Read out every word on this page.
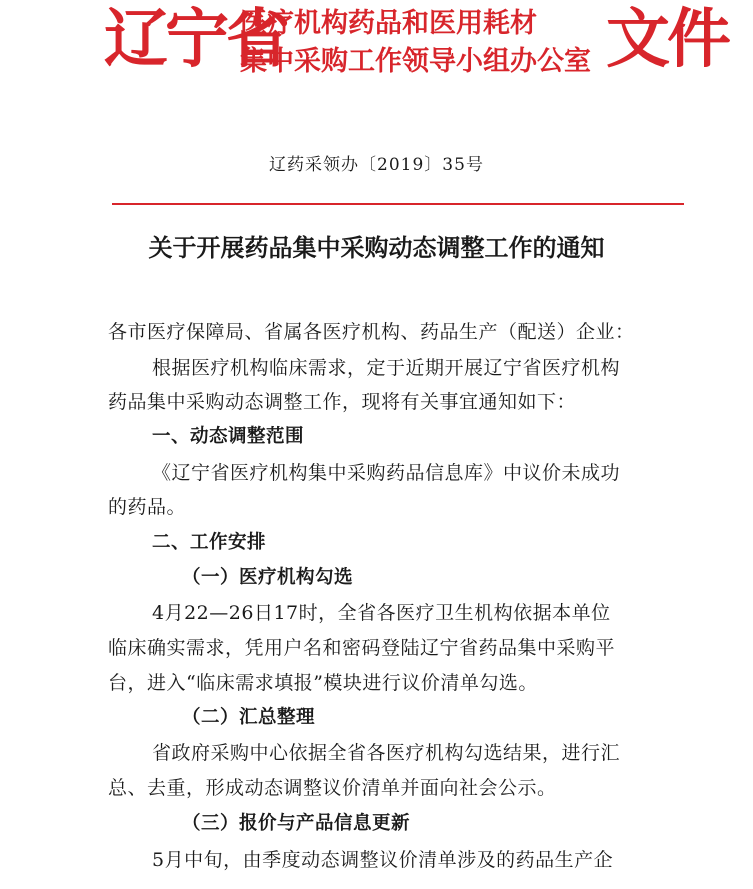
辽宁省
医疗机构药品和医用耗材
集中采购工作领导小组办公室 文件
辽药采领办〔2019〕35号
关于开展药品集中采购动态调整工作的通知
各市医疗保障局、省属各医疗机构、药品生产（配送）企业：
根据医疗机构临床需求，定于近期开展辽宁省医疗机构
药品集中采购动态调整工作，现将有关事宜通知如下：
一、动态调整范围
《辽宁省医疗机构集中采购药品信息库》中议价未成功
的药品。
二、工作安排
（一）医疗机构勾选
4月22—26日17时，全省各医疗卫生机构依据本单位
临床确实需求，凭用户名和密码登陆辽宁省药品集中采购平
台，进入“临床需求填报”模块进行议价清单勾选。
（二）汇总整理
省政府采购中心依据全省各医疗机构勾选结果，进行汇
总、去重，形成动态调整议价清单并面向社会公示。
（三）报价与产品信息更新
5月中旬，由季度动态调整议价清单涉及的药品生产企
